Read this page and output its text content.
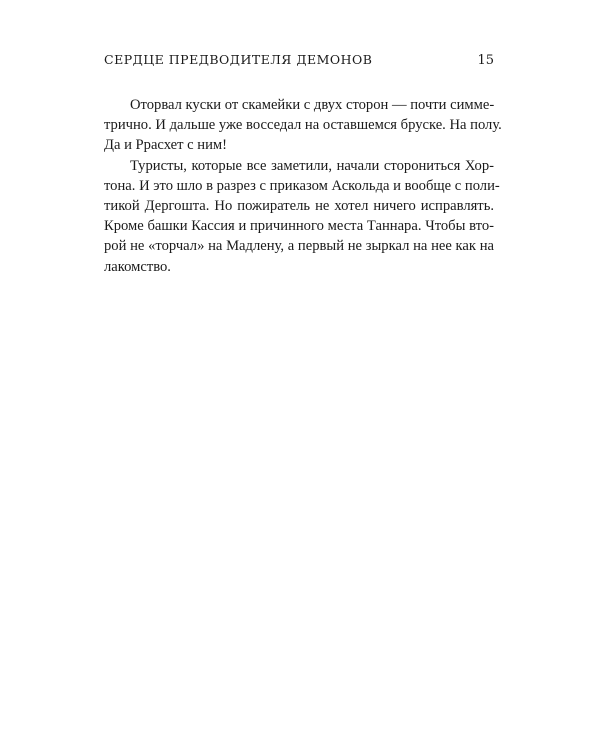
СЕРДЦЕ ПРЕДВОДИТЕЛЯ ДЕМОНОВ	15
Оторвал куски от скамейки с двух сторон — почти симме-
трично. И дальше уже восседал на оставшемся бруске. На полу.
Да и Ррасхет с ним!
Туристы, которые все заметили, начали сторониться Хор-
тона. И это шло в разрез с приказом Аскольда и вообще с поли-
тикой Дергошта. Но пожиратель не хотел ничего исправлять.
Кроме башки Кассия и причинного места Таннара. Чтобы вто-
рой не «торчал» на Мадлену, а первый не зыркал на нее как на
лакомство.
